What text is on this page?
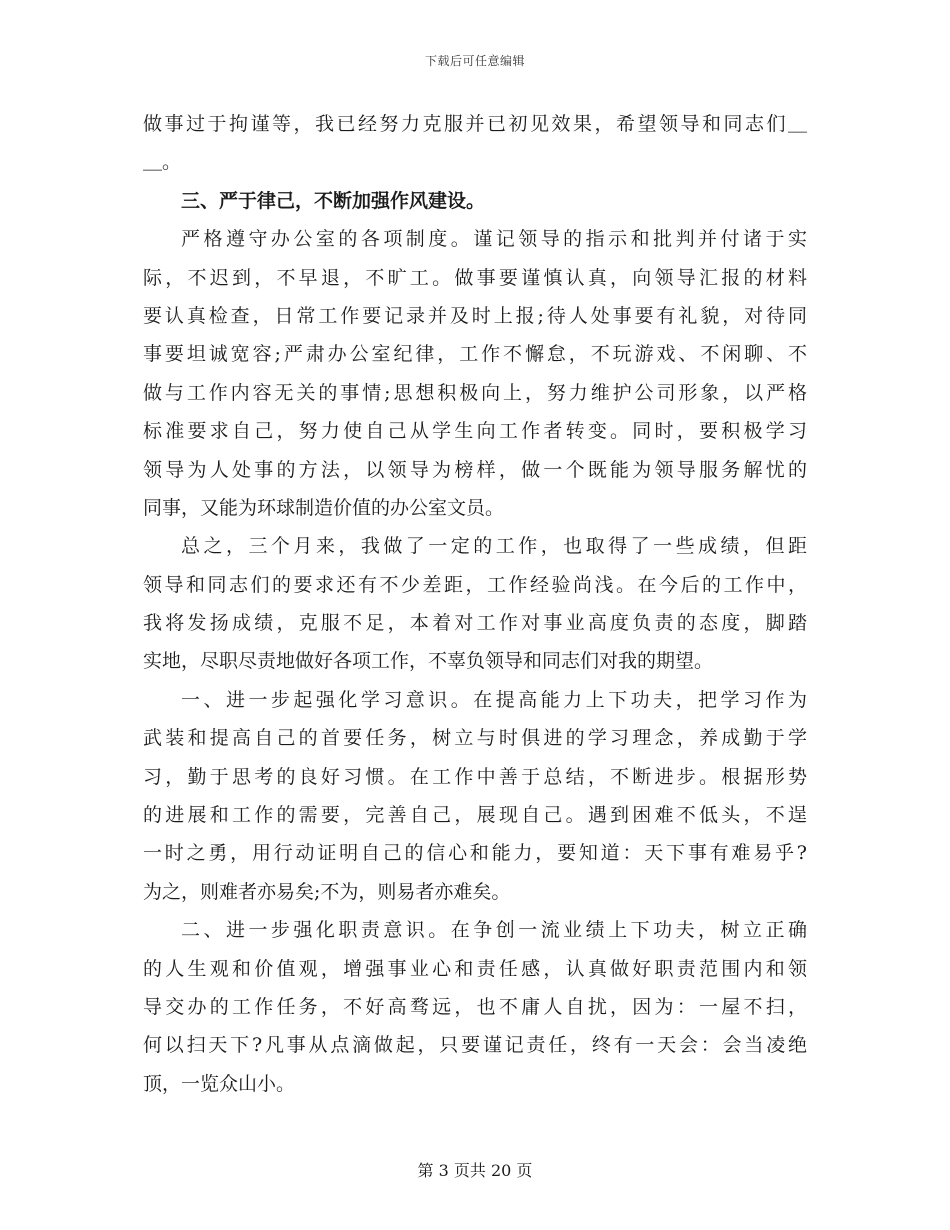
下载后可任意编辑
做事过于拘谨等，我已经努力克服并已初见效果，希望领导和同志们＿
＿。
三、严于律己，不断加强作风建设。
严格遵守办公室的各项制度。谨记领导的指示和批判并付诸于实
际，不迟到，不早退，不旷工。做事要谨慎认真，向领导汇报的材料
要认真检查，日常工作要记录并及时上报;待人处事要有礼貌，对待同
事要坦诚宽容;严肃办公室纪律，工作不懈怠，不玩游戏、不闲聊、不
做与工作内容无关的事情;思想积极向上，努力维护公司形象，以严格
标准要求自己，努力使自己从学生向工作者转变。同时，要积极学习
领导为人处事的方法，以领导为榜样，做一个既能为领导服务解忧的
同事，又能为环球制造价值的办公室文员。
总之，三个月来，我做了一定的工作，也取得了一些成绩，但距
领导和同志们的要求还有不少差距，工作经验尚浅。在今后的工作中，
我将发扬成绩，克服不足，本着对工作对事业高度负责的态度，脚踏
实地，尽职尽责地做好各项工作，不辜负领导和同志们对我的期望。
一、进一步起强化学习意识。在提高能力上下功夫，把学习作为
武装和提高自己的首要任务，树立与时俱进的学习理念，养成勤于学
习，勤于思考的良好习惯。在工作中善于总结，不断进步。根据形势
的进展和工作的需要，完善自己，展现自己。遇到困难不低头，不逞
一时之勇，用行动证明自己的信心和能力，要知道：天下事有难易乎?
为之，则难者亦易矣;不为，则易者亦难矣。
二、进一步强化职责意识。在争创一流业绩上下功夫，树立正确
的人生观和价值观，增强事业心和责任感，认真做好职责范围内和领
导交办的工作任务，不好高骛远，也不庸人自扰，因为：一屋不扫，
何以扫天下?凡事从点滴做起，只要谨记责任，终有一天会：会当凌绝
顶，一览众山小。
第 3 页共 20 页
